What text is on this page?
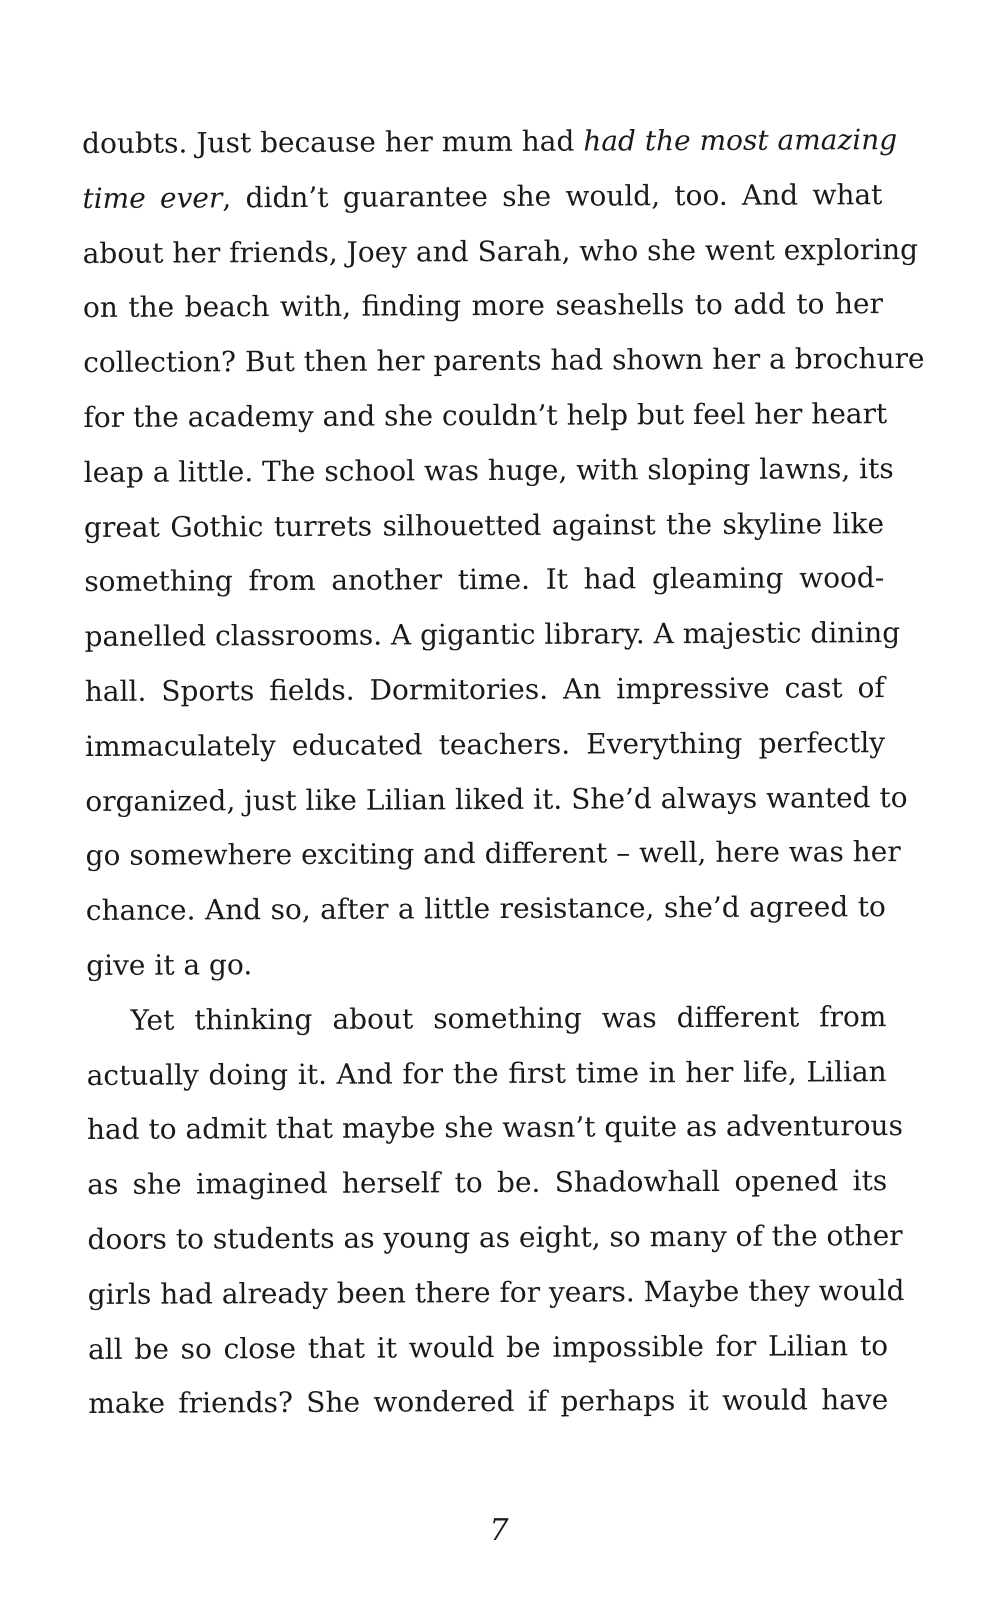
doubts. Just because her mum had had the most amazing
time ever, didn’t guarantee she would, too. And what
about her friends, Joey and Sarah, who she went exploring
on the beach with, finding more seashells to add to her
collection? But then her parents had shown her a brochure
for the academy and she couldn’t help but feel her heart
leap a little. The school was huge, with sloping lawns, its
great Gothic turrets silhouetted against the skyline like
something from another time. It had gleaming wood-
panelled classrooms. A gigantic library. A majestic dining
hall. Sports fields. Dormitories. An impressive cast of
immaculately educated teachers. Everything perfectly
organized, just like Lilian liked it. She’d always wanted to
go somewhere exciting and different – well, here was her
chance. And so, after a little resistance, she’d agreed to
give it a go.
Yet thinking about something was different from
actually doing it. And for the first time in her life, Lilian
had to admit that maybe she wasn’t quite as adventurous
as she imagined herself to be. Shadowhall opened its
doors to students as young as eight, so many of the other
girls had already been there for years. Maybe they would
all be so close that it would be impossible for Lilian to
make friends? She wondered if perhaps it would have
7
